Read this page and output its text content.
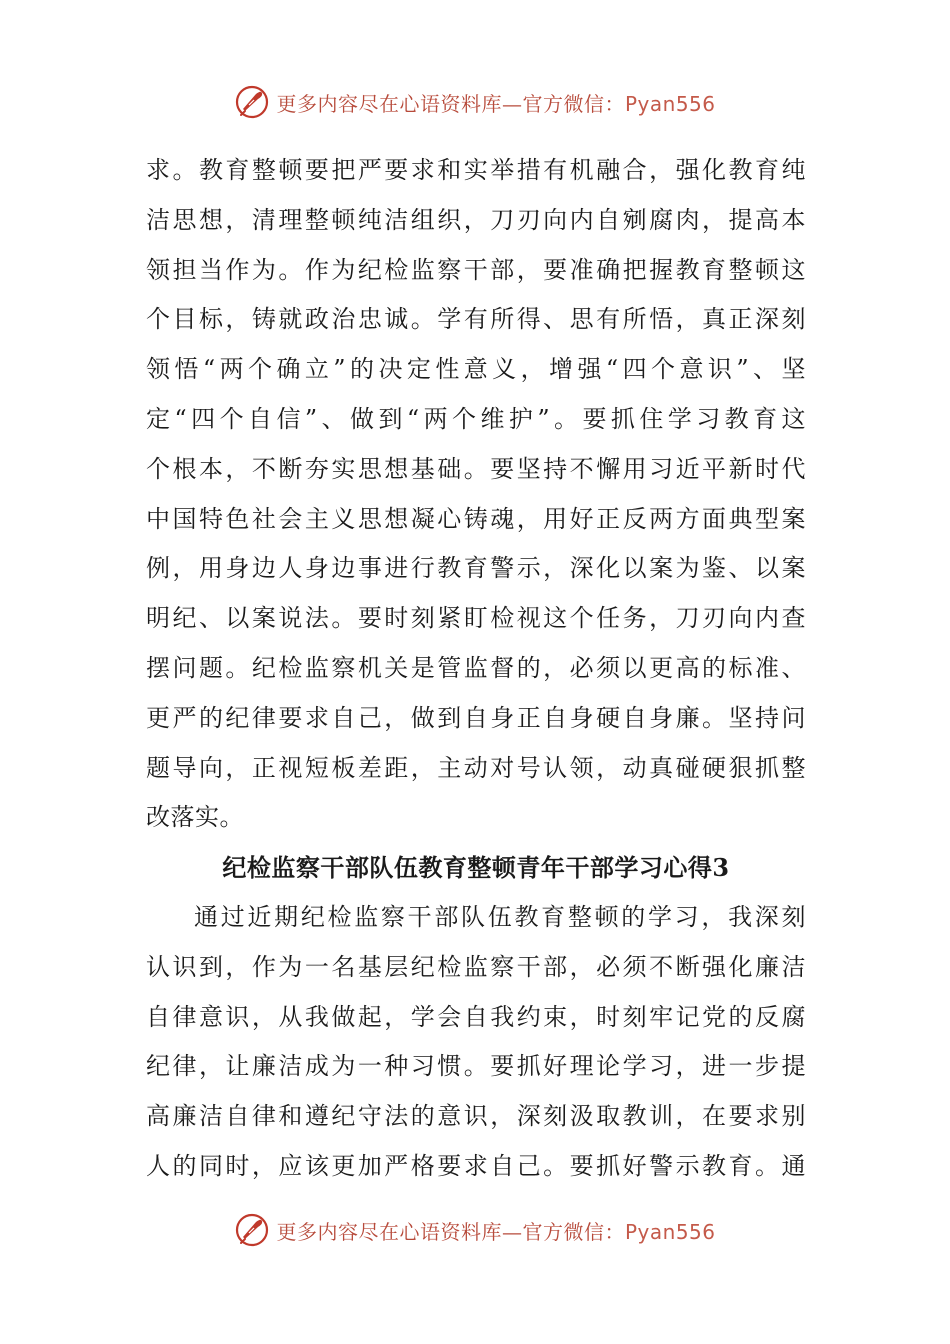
更多内容尽在心语资料库—官方微信：Pyan556
求。教育整顿要把严要求和实举措有机融合，强化教育纯
洁思想，清理整顿纯洁组织，刀刃向内自剜腐肉，提高本
领担当作为。作为纪检监察干部，要准确把握教育整顿这
个目标，铸就政治忠诚。学有所得、思有所悟，真正深刻
领悟“两个确立”的决定性意义，增强“四个意识”、坚
定“四个自信”、做到“两个维护”。要抓住学习教育这
个根本，不断夯实思想基础。要坚持不懈用习近平新时代
中国特色社会主义思想凝心铸魂，用好正反两方面典型案
例，用身边人身边事进行教育警示，深化以案为鉴、以案
明纪、以案说法。要时刻紧盯检视这个任务，刀刃向内查
摆问题。纪检监察机关是管监督的，必须以更高的标准、
更严的纪律要求自己，做到自身正自身硬自身廉。坚持问
题导向，正视短板差距，主动对号认领，动真碰硬狠抓整
改落实。
纪检监察干部队伍教育整顿青年干部学习心得3
通过近期纪检监察干部队伍教育整顿的学习，我深刻
认识到，作为一名基层纪检监察干部，必须不断强化廉洁
自律意识，从我做起，学会自我约束，时刻牢记党的反腐
纪律，让廉洁成为一种习惯。要抓好理论学习，进一步提
高廉洁自律和遵纪守法的意识，深刻汲取教训，在要求别
人的同时，应该更加严格要求自己。要抓好警示教育。通
更多内容尽在心语资料库—官方微信：Pyan556
